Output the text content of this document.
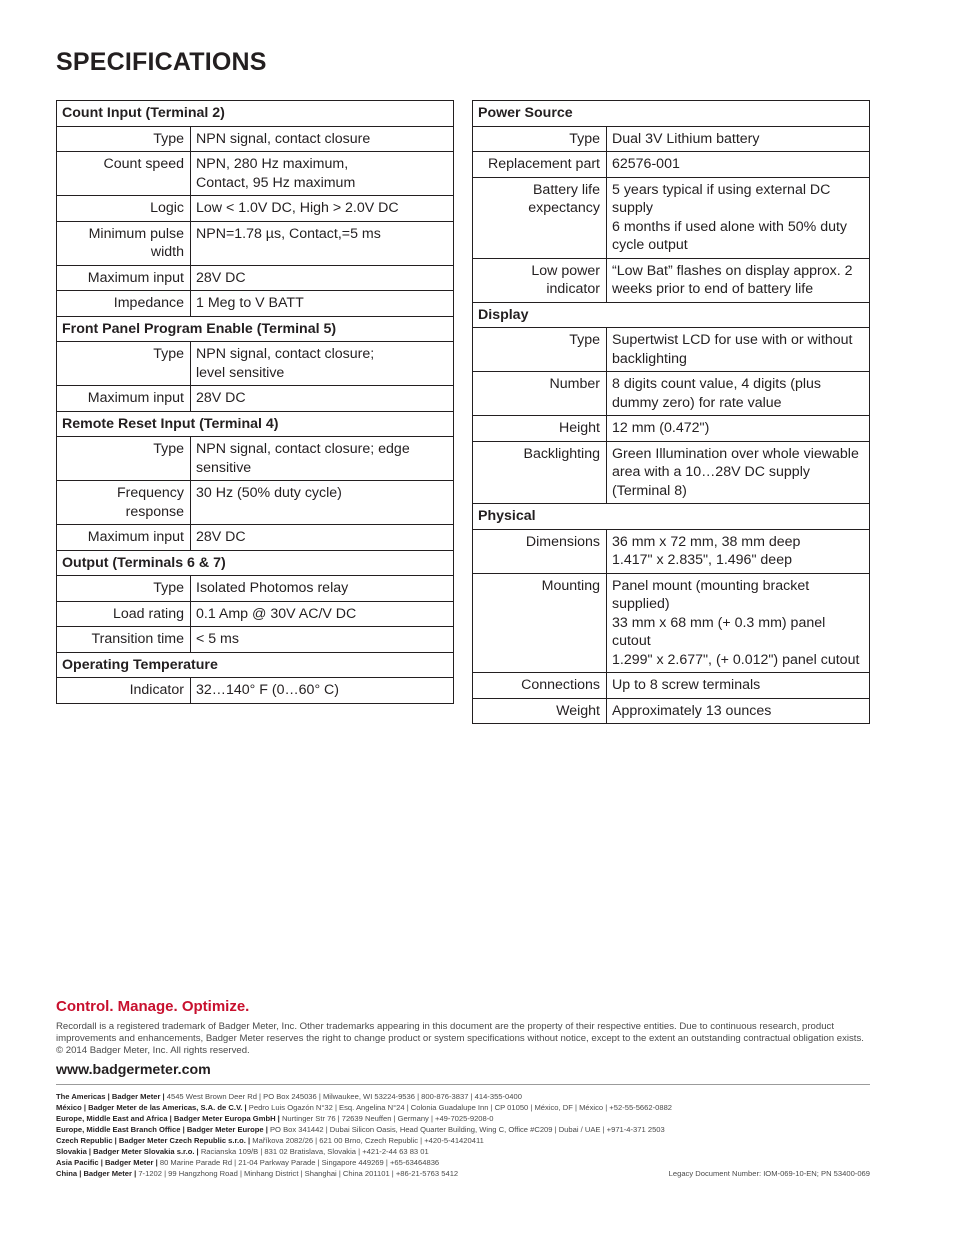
SPECIFICATIONS
Count Input (Terminal 2)	
Type	NPN signal, contact closure
Count speed	NPN, 280 Hz maximum,
Contact, 95 Hz maximum
Logic	Low < 1.0V DC, High > 2.0V DC
Minimum pulse width	NPN=1.78 µs, Contact,=5 ms
Maximum input	28V DC
Impedance	1 Meg to V BATT
Front Panel Program Enable (Terminal 5)	
Type	NPN signal, contact closure;
level sensitive
Maximum input	28V DC
Remote Reset Input (Terminal 4)	
Type	NPN signal, contact closure; edge sensitive
Frequency response	30 Hz (50% duty cycle)
Maximum input	28V DC
Output (Terminals 6 & 7)	
Type	Isolated Photomos relay
Load rating	0.1 Amp @ 30V AC/V DC
Transition time	< 5 ms
Operating Temperature	
Indicator	32…140° F (0…60° C)
Power Source	
Type	Dual 3V Lithium battery
Replacement part	62576-001
Battery life expectancy	5 years typical if using external DC supply
6 months if used alone with 50% duty cycle output
Low power indicator	“Low Bat” flashes on display approx. 2 weeks prior to end of battery life
Display	
Type	Supertwist LCD for use with or without backlighting
Number	8 digits count value, 4 digits (plus dummy zero) for rate value
Height	12 mm (0.472")
Backlighting	Green Illumination over whole viewable area with a 10…28V DC supply
(Terminal 8)
Physical	
Dimensions	36 mm x 72 mm, 38 mm deep
1.417" x 2.835", 1.496" deep
Mounting	Panel mount (mounting bracket supplied)
33 mm x 68 mm (+ 0.3 mm) panel cutout
1.299" x 2.677", (+ 0.012") panel cutout
Connections	Up to 8 screw terminals
Weight	Approximately 13 ounces

Control. Manage. Optimize.

Recordall is a registered trademark of Badger Meter, Inc. Other trademarks appearing in this document are the property of their respective entities. Due to continuous research, product improvements and enhancements, Badger Meter reserves the right to change product or system specifications without notice, except to the extent an outstanding contractual obligation exists. © 2014 Badger Meter, Inc. All rights reserved.

www.badgermeter.com

The Americas | Badger Meter | 4545 West Brown Deer Rd | PO Box 245036 | Milwaukee, WI 53224-9536 | 800-876-3837 | 414-355-0400
México | Badger Meter de las Americas, S.A. de C.V. | Pedro Luis Ogazón N°32 | Esq. Angelina N°24 | Colonia Guadalupe Inn | CP 01050 | México, DF | México | +52-55-5662-0882
Europe, Middle East and Africa | Badger Meter Europa GmbH | Nurtinger Str 76 | 72639 Neuffen | Germany | +49-7025-9208-0
Europe, Middle East Branch Office | Badger Meter Europe | PO Box 341442 | Dubai Silicon Oasis, Head Quarter Building, Wing C, Office #C209 | Dubai / UAE | +971-4-371 2503
Czech Republic | Badger Meter Czech Republic s.r.o. | Maříkova 2082/26 | 621 00 Brno, Czech Republic | +420-5-41420411
Slovakia | Badger Meter Slovakia s.r.o. | Racianska 109/B | 831 02 Bratislava, Slovakia | +421-2-44 63 83 01
Asia Pacific | Badger Meter | 80 Marine Parade Rd | 21-04 Parkway Parade | Singapore 449269 | +65-63464836
China | Badger Meter | 7-1202 | 99 Hangzhong Road | Minhang District | Shanghai | China 201101 | +86-21-5763 5412	Legacy Document Number: IOM-069-10-EN; PN 53400-069
